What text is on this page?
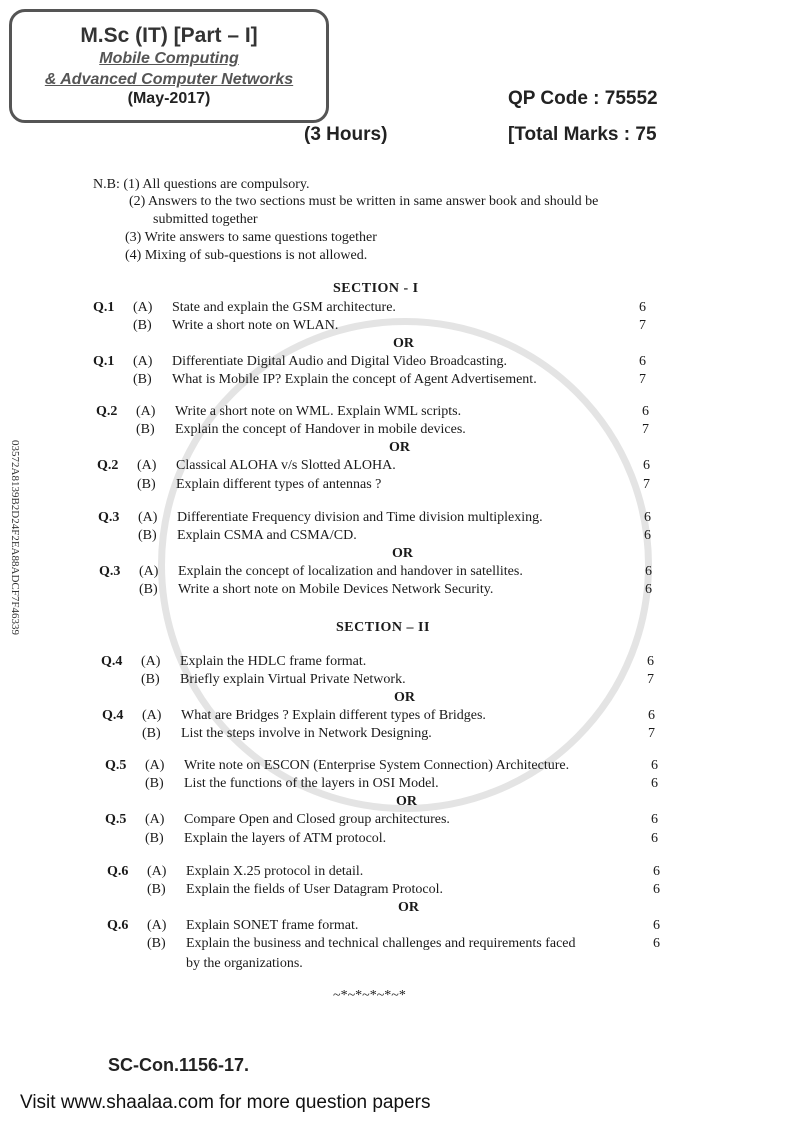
M.Sc (IT) [Part – I]
Mobile Computing
& Advanced Computer Networks
(May-2017)	QP Code : 75552
(3 Hours)	[Total Marks : 75
03572A8139B2D24F2EA88ADCF7F46339
N.B: (1) All questions are compulsory.
(2) Answers to the two sections must be written in same answer book and should be
submitted together
(3) Write answers to same questions together
(4) Mixing of sub-questions is not allowed.
SECTION - I
Q.1 (A) State and explain the GSM architecture.	6
(B) Write a short note on WLAN.	7
OR
Q.1 (A) Differentiate Digital Audio and Digital Video Broadcasting.	6
(B) What is Mobile IP? Explain the concept of Agent Advertisement.	7
Q.2 (A) Write a short note on WML. Explain WML scripts.	6
(B) Explain the concept of Handover in mobile devices.	7
OR
Q.2 (A) Classical ALOHA v/s Slotted ALOHA.	6
(B) Explain different types of antennas ?	7
Q.3 (A) Differentiate Frequency division and Time division multiplexing.	6
(B) Explain CSMA and CSMA/CD.	6
OR
Q.3 (A) Explain the concept of localization and handover in satellites.	6
(B) Write a short note on Mobile Devices Network Security.	6
SECTION – II
Q.4 (A) Explain the HDLC frame format.	6
(B) Briefly explain Virtual Private Network.	7
OR
Q.4 (A) What are Bridges ? Explain different types of Bridges.	6
(B) List the steps involve in Network Designing.	7
Q.5 (A) Write note on ESCON (Enterprise System Connection) Architecture.	6
(B) List the functions of the layers in OSI Model.	6
OR
Q.5 (A) Compare Open and Closed group architectures.	6
(B) Explain the layers of ATM protocol.	6
Q.6 (A) Explain X.25 protocol in detail.	6
(B) Explain the fields of User Datagram Protocol.	6
OR
Q.6 (A) Explain SONET frame format.	6
(B) Explain the business and technical challenges and requirements faced	6
by the organizations.
~*~*~*~*~*
SC-Con.1156-17.
Visit www.shaalaa.com for more question papers
